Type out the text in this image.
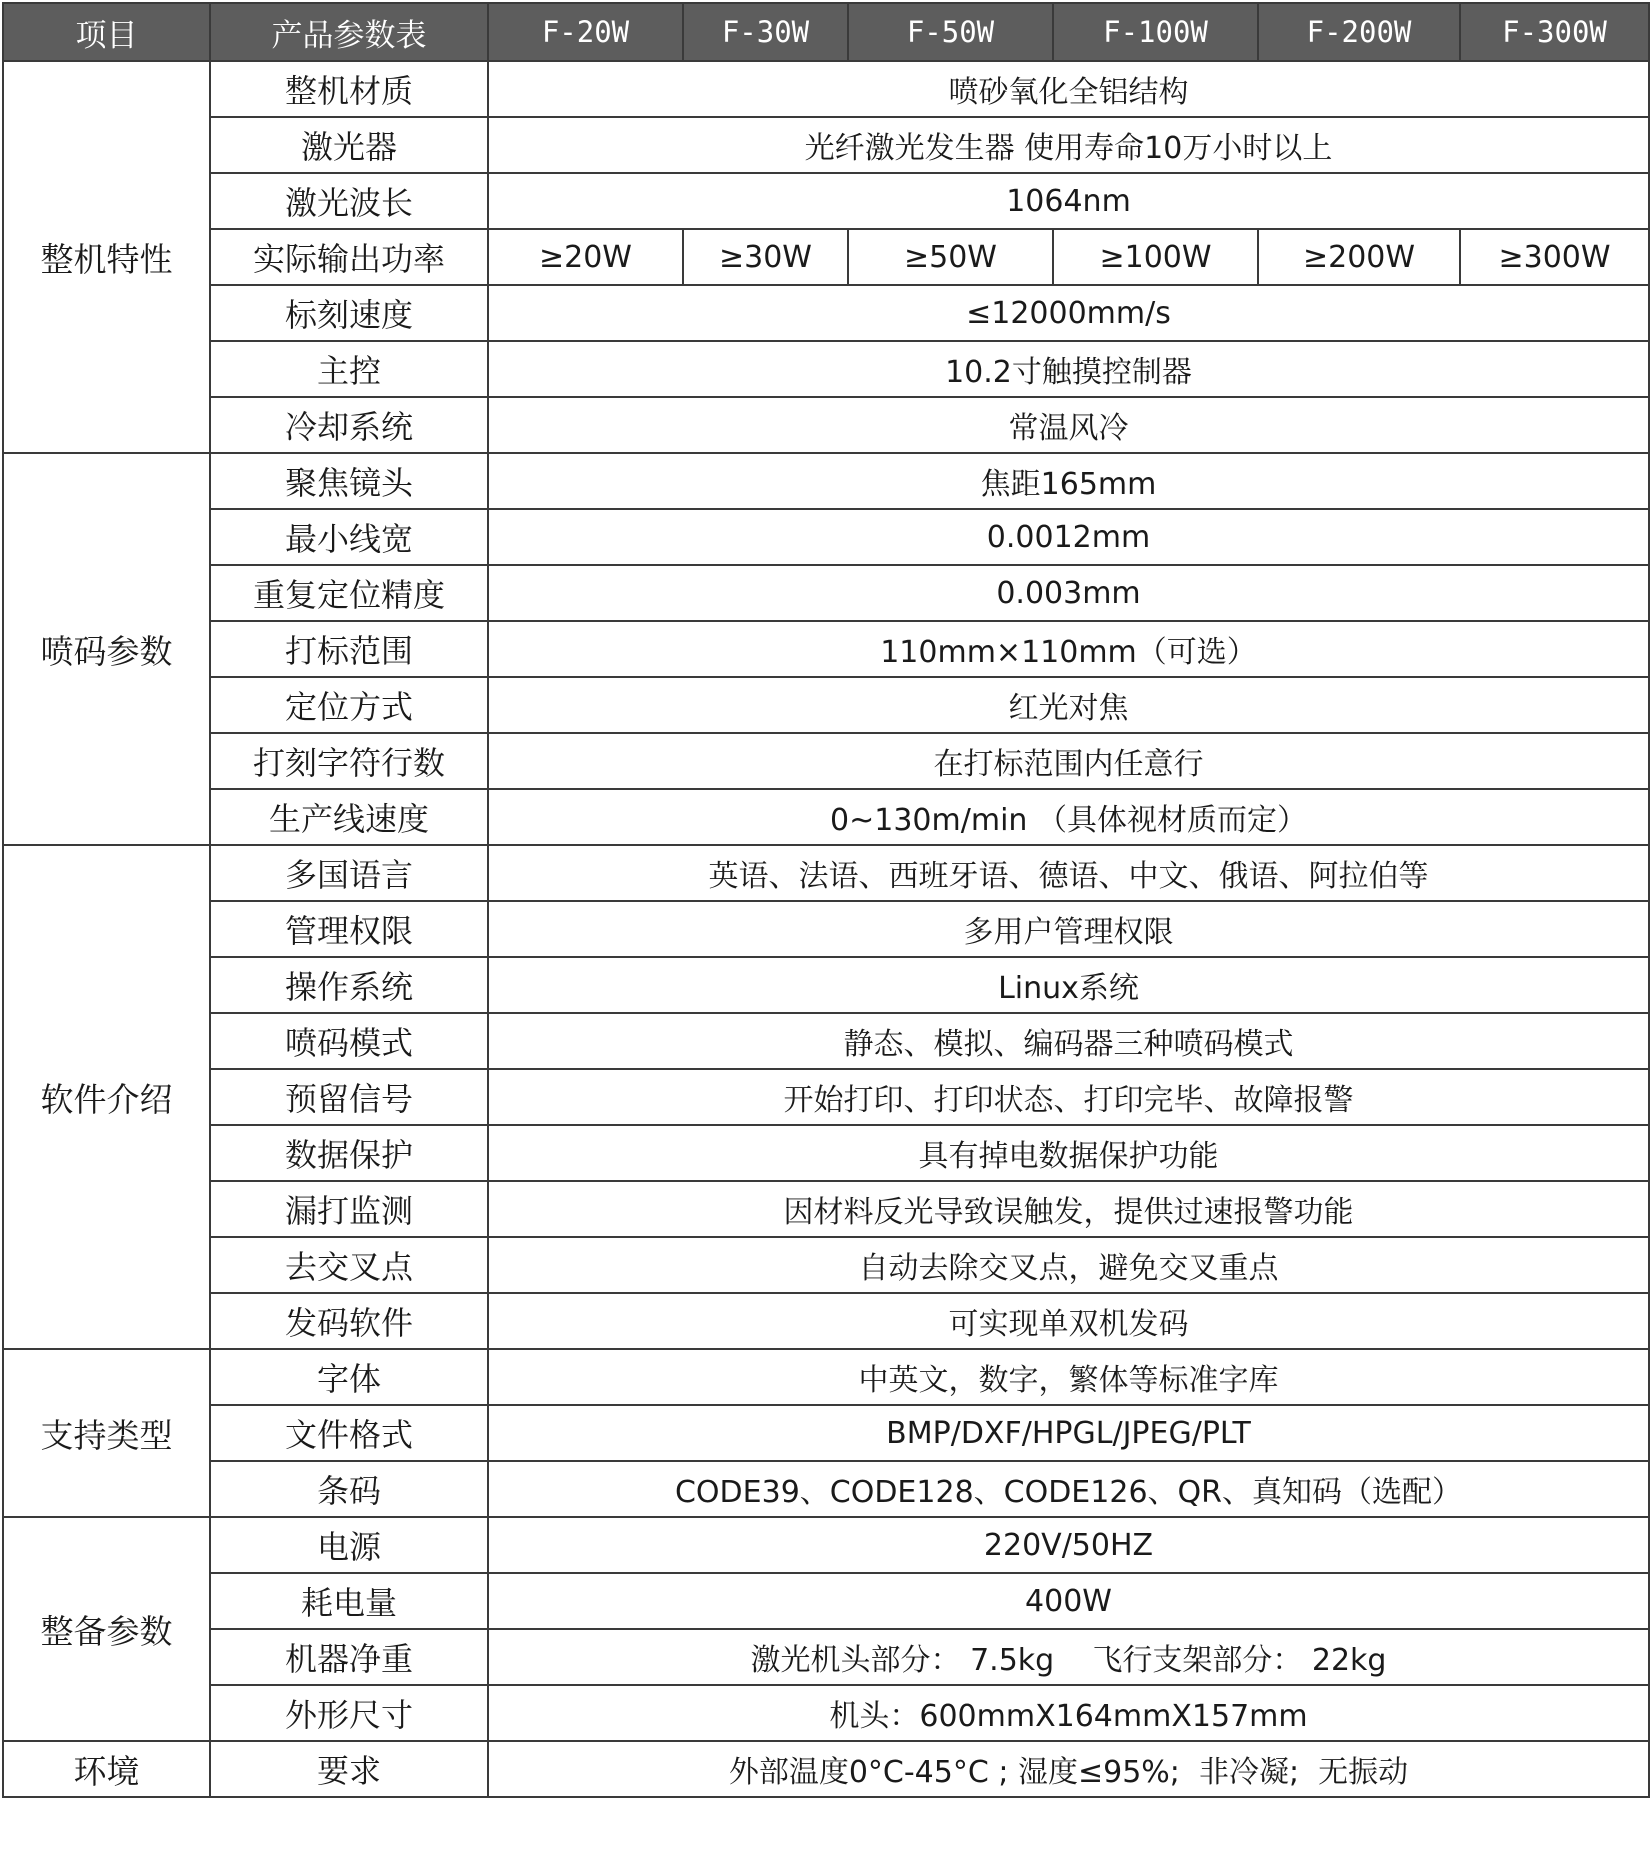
项目	产品参数表	F-20W	F-30W	F-50W	F-100W	F-200W	F-300W
整机特性	整机材质	喷砂氧化全铝结构					
	激光器	光纤激光发生器 使用寿命10万小时以上					
	激光波长	1064nm					
	实际输出功率	≥20W	≥30W	≥50W	≥100W	≥200W	≥300W
	标刻速度	≤12000mm/s					
	主控	10.2寸触摸控制器					
	冷却系统	常温风冷					
喷码参数	聚焦镜头	焦距165mm					
	最小线宽	0.0012mm					
	重复定位精度	0.003mm					
	打标范围	110mm×110mm（可选）					
	定位方式	红光对焦					
	打刻字符行数	在打标范围内任意行					
	生产线速度	0~130m/min （具体视材质而定）					
软件介绍	多国语言	英语、法语、西班牙语、德语、中文、俄语、阿拉伯等					
	管理权限	多用户管理权限					
	操作系统	Linux系统					
	喷码模式	静态、模拟、编码器三种喷码模式					
	预留信号	开始打印、打印状态、打印完毕、故障报警					
	数据保护	具有掉电数据保护功能					
	漏打监测	因材料反光导致误触发，提供过速报警功能					
	去交叉点	自动去除交叉点，避免交叉重点					
	发码软件	可实现单双机发码					
支持类型	字体	中英文，数字，繁体等标准字库					
	文件格式	BMP/DXF/HPGL/JPEG/PLT					
	条码	CODE39、CODE128、CODE126、QR、真知码（选配）					
整备参数	电源	220V/50HZ					
	耗电量	400W					
	机器净重	激光机头部分： 7.5kg    飞行支架部分： 22kg					
	外形尺寸	机头：600mmX164mmX157mm					
环境	要求	外部温度0°C-45°C ; 湿度≤95%;  非冷凝;  无振动					
